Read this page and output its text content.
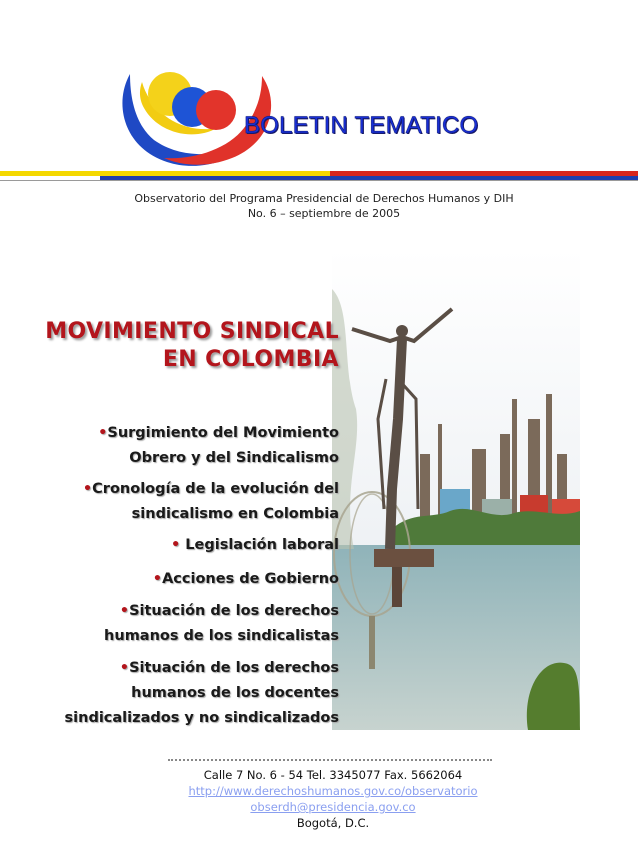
BOLETIN TEMATICO
Observatorio del Programa Presidencial de Derechos Humanos y DIH
No. 6 – septiembre de 2005
MOVIMIENTO SINDICAL
EN COLOMBIA
•Surgimiento del Movimiento
Obrero y del Sindicalismo
•Cronología de la evolución del
sindicalismo en Colombia
• Legislación laboral
•Acciones de Gobierno
•Situación de los derechos
humanos de los sindicalistas
•Situación de los derechos
humanos de los docentes
sindicalizados y no sindicalizados
Calle 7 No. 6 - 54 Tel. 3345077 Fax. 5662064
http://www.derechoshumanos.gov.co/observatorio
obserdh@presidencia.gov.co
Bogotá, D.C.
